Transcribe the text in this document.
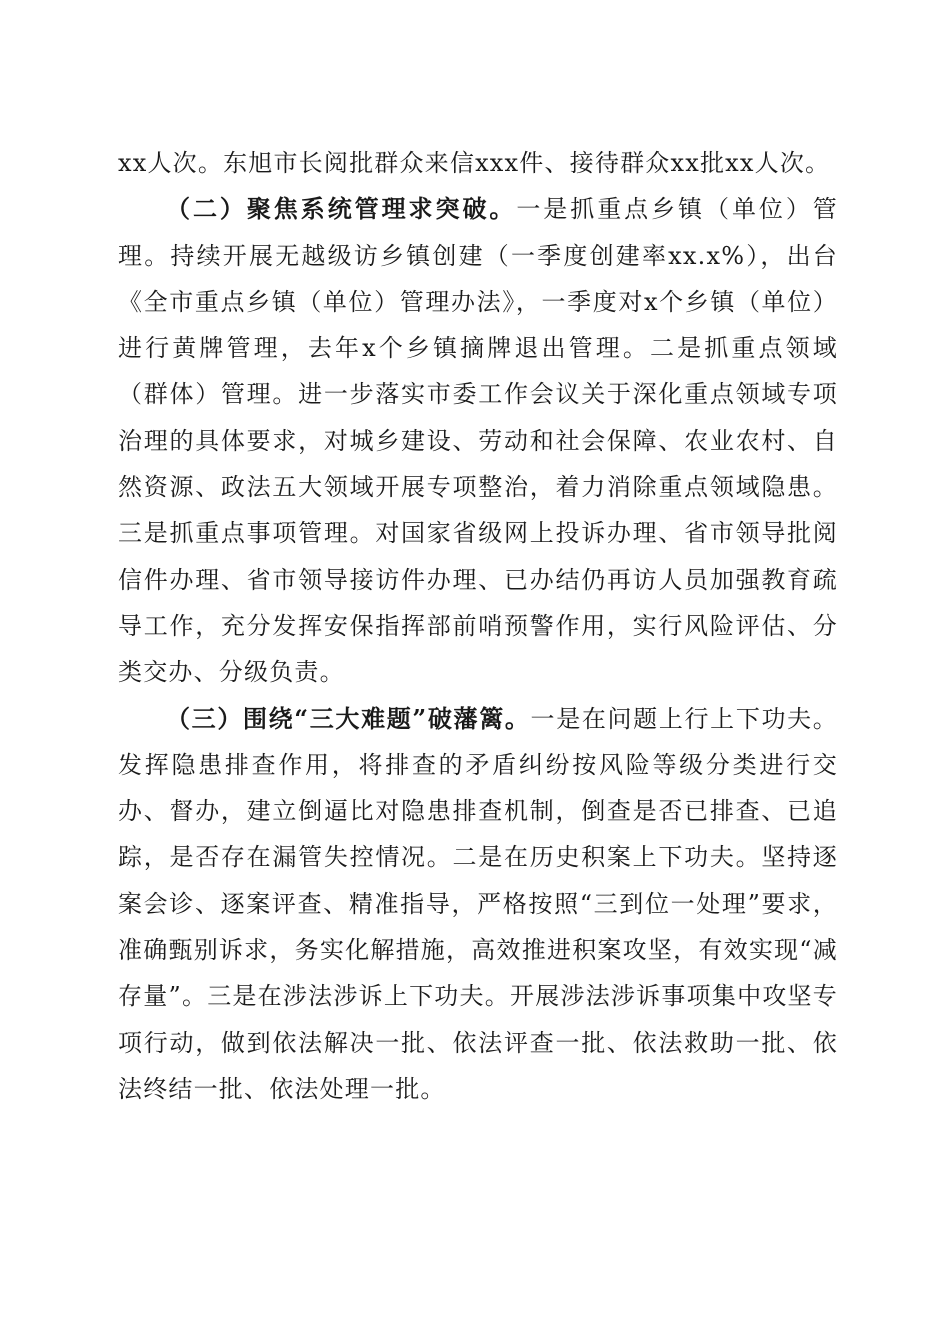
xx人次。东旭市长阅批群众来信xxx件、接待群众xx批xx人次。

（二）聚焦系统管理求突破。一是抓重点乡镇（单位）管理。持续开展无越级访乡镇创建（一季度创建率xx.x%），出台《全市重点乡镇（单位）管理办法》，一季度对x个乡镇（单位）进行黄牌管理，去年x个乡镇摘牌退出管理。二是抓重点领域（群体）管理。进一步落实市委工作会议关于深化重点领域专项治理的具体要求，对城乡建设、劳动和社会保障、农业农村、自然资源、政法五大领域开展专项整治，着力消除重点领域隐患。三是抓重点事项管理。对国家省级网上投诉办理、省市领导批阅信件办理、省市领导接访件办理、已办结仍再访人员加强教育疏导工作，充分发挥安保指挥部前哨预警作用，实行风险评估、分类交办、分级负责。

（三）围绕“三大难题”破藩篱。一是在问题上行上下功夫。发挥隐患排查作用，将排查的矛盾纠纷按风险等级分类进行交办、督办，建立倒逼比对隐患排查机制，倒查是否已排查、已追踪，是否存在漏管失控情况。二是在历史积案上下功夫。坚持逐案会诊、逐案评查、精准指导，严格按照“三到位一处理”要求，准确甄别诉求，务实化解措施，高效推进积案攻坚，有效实现“减存量”。三是在涉法涉诉上下功夫。开展涉法涉诉事项集中攻坚专项行动，做到依法解决一批、依法评查一批、依法救助一批、依法终结一批、依法处理一批。
